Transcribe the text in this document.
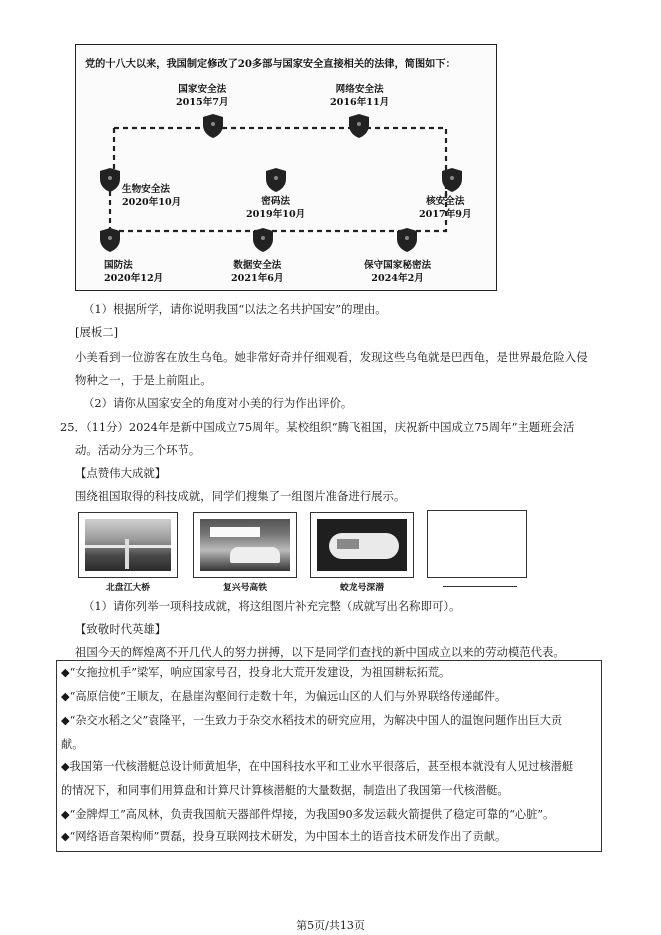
党的十八大以来，我国制定修改了20多部与国家安全直接相关的法律，简图如下：
国家安全法
2015年7月
网络安全法
2016年11月
核安全法
2017年9月
密码法
2019年10月
生物安全法
2020年10月
国防法
2020年12月
数据安全法
2021年6月
保守国家秘密法
2024年2月
（1）根据所学，请你说明我国“以法之名共护国安”的理由。
[展板二]
小美看到一位游客在放生乌龟。她非常好奇并仔细观看，发现这些乌龟就是巴西龟，是世界最危险入侵
物种之一，于是上前阻止。
（2）请你从国家安全的角度对小美的行为作出评价。
25．（11分）2024年是新中国成立75周年。某校组织“腾飞祖国，庆祝新中国成立75周年”主题班会活
动。活动分为三个环节。
【点赞伟大成就】
围绕祖国取得的科技成就，同学们搜集了一组图片准备进行展示。
北盘江大桥	复兴号高铁	蛟龙号深潜
（1）请你列举一项科技成就，将这组图片补充完整（成就写出名称即可）。
【致敬时代英雄】
祖国今天的辉煌离不开几代人的努力拼搏，以下是同学们查找的新中国成立以来的劳动模范代表。
◆“女拖拉机手”梁军，响应国家号召，投身北大荒开发建设，为祖国耕耘拓荒。
◆“高原信使”王顺友，在悬崖沟壑间行走数十年，为偏远山区的人们与外界联络传递邮件。
◆“杂交水稻之父”袁隆平，一生致力于杂交水稻技术的研究应用，为解决中国人的温饱问题作出巨大贡
献。
◆我国第一代核潜艇总设计师黄旭华，在中国科技水平和工业水平很落后，甚至根本就没有人见过核潜艇
的情况下，和同事们用算盘和计算尺计算核潜艇的大量数据，制造出了我国第一代核潜艇。
◆“金牌焊工”高凤林，负责我国航天器部件焊接，为我国90多发运载火箭提供了稳定可靠的“心脏”。
◆“网络语音架构师”贾磊，投身互联网技术研发，为中国本土的语音技术研发作出了贡献。
第5页/共13页
